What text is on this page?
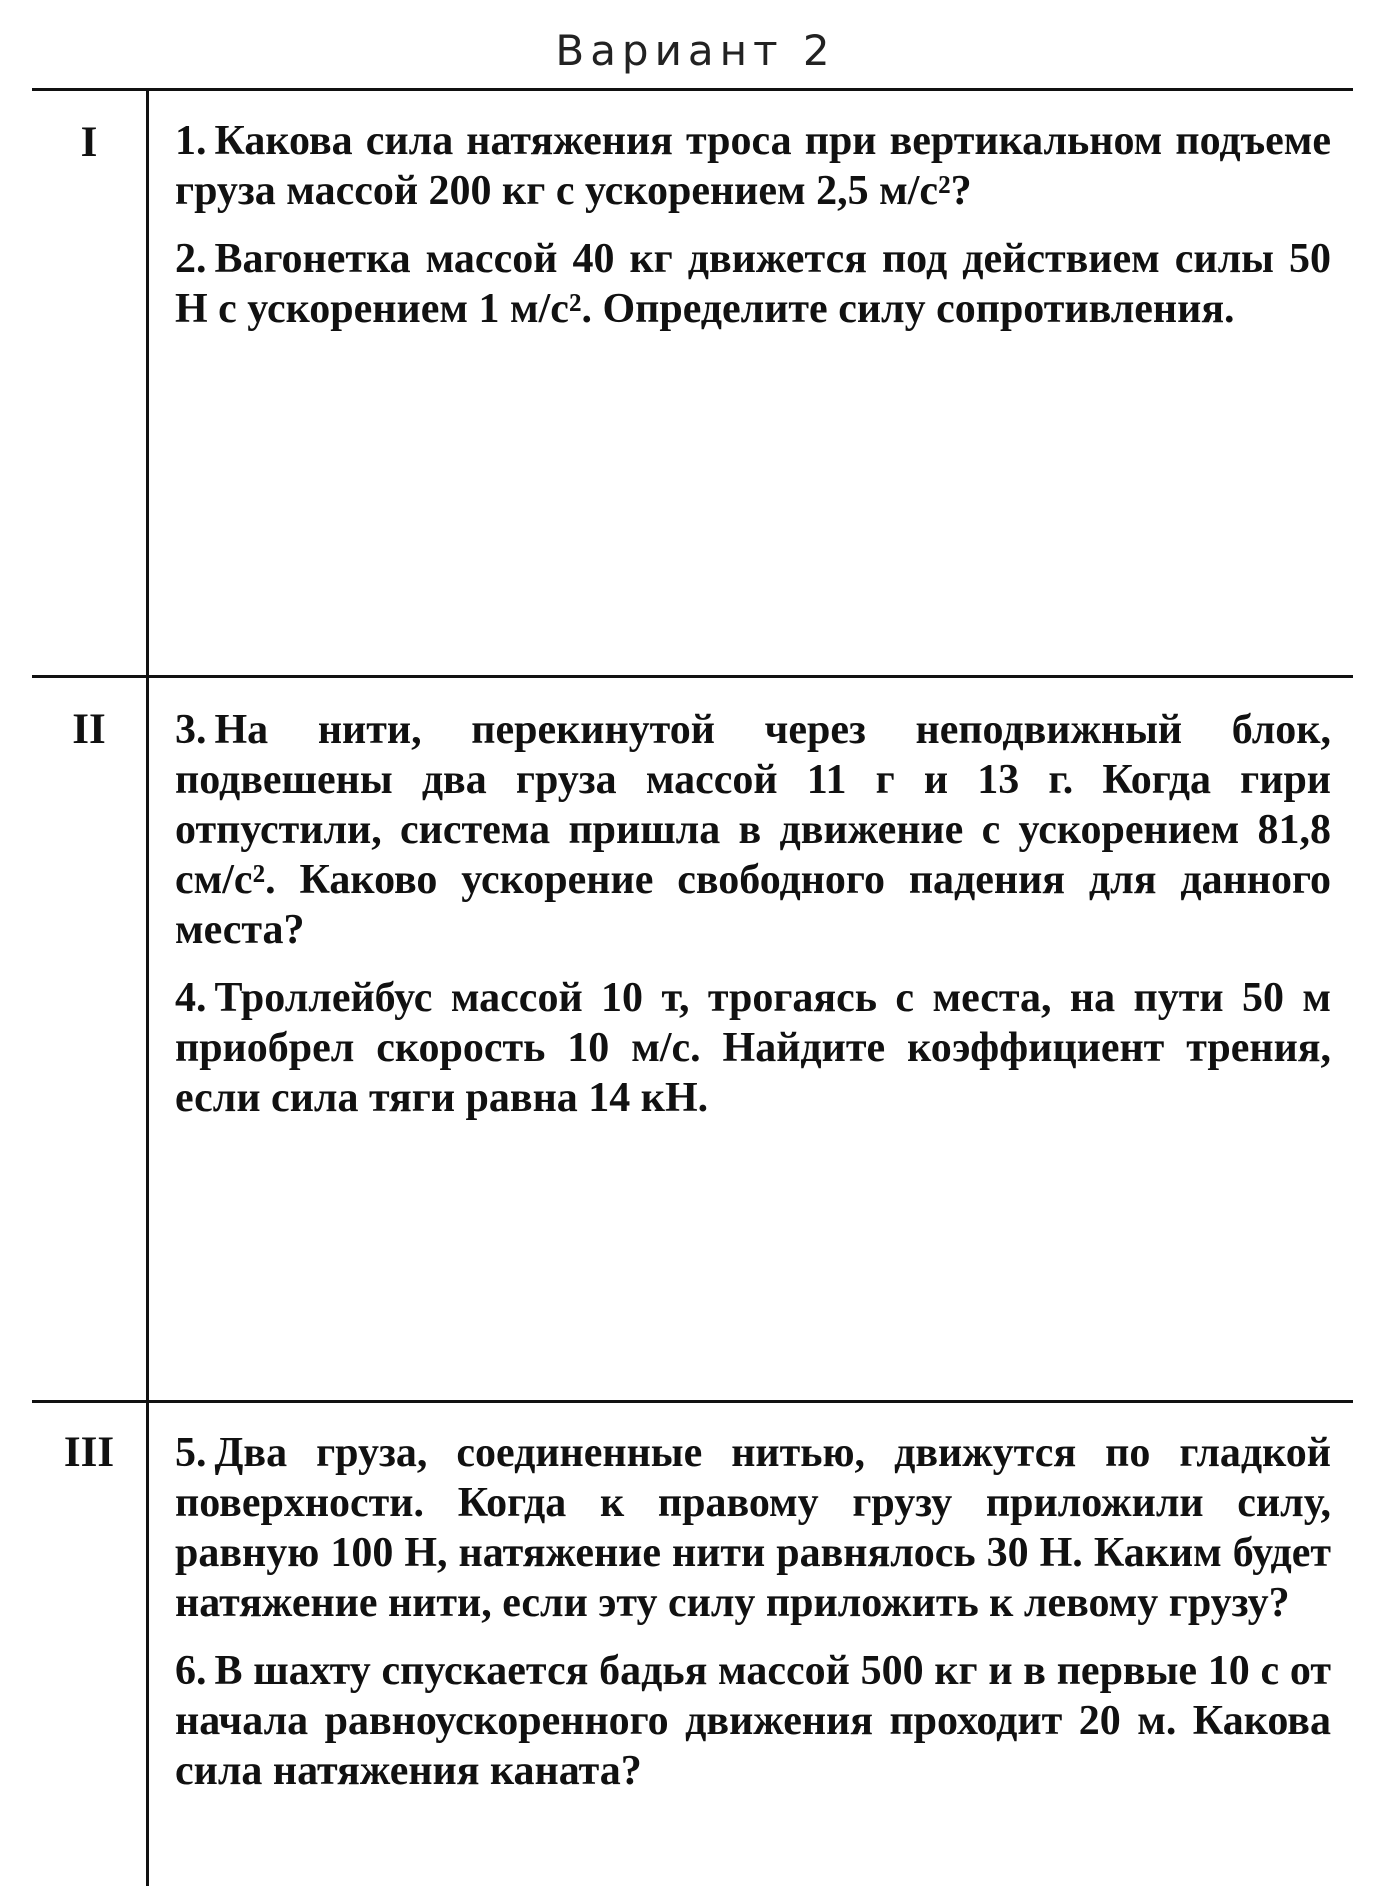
Вариант 2
I	1. Какова сила натяжения троса при вертикальном подъеме груза массой 200 кг с ускорением 2,5 м/с²?

2. Вагонетка массой 40 кг движется под действием силы 50 Н с ускорением 1 м/с². Определите силу сопротивления.

II	3. На нити, перекинутой через неподвижный блок, подвешены два груза массой 11 г и 13 г. Когда гири отпустили, система пришла в движение с ускорением 81,8 см/с². Каково ускорение свободного падения для данного места?

4. Троллейбус массой 10 т, трогаясь с места, на пути 50 м приобрел скорость 10 м/с. Найдите коэффициент трения, если сила тяги равна 14 кН.

III	5. Два груза, соединенные нитью, движутся по гладкой поверхности. Когда к правому грузу приложили силу, равную 100 Н, натяжение нити равнялось 30 Н. Каким будет натяжение нити, если эту силу приложить к левому грузу?

6. В шахту спускается бадья массой 500 кг и в первые 10 с от начала равноускоренного движения проходит 20 м. Какова сила натяжения каната?
